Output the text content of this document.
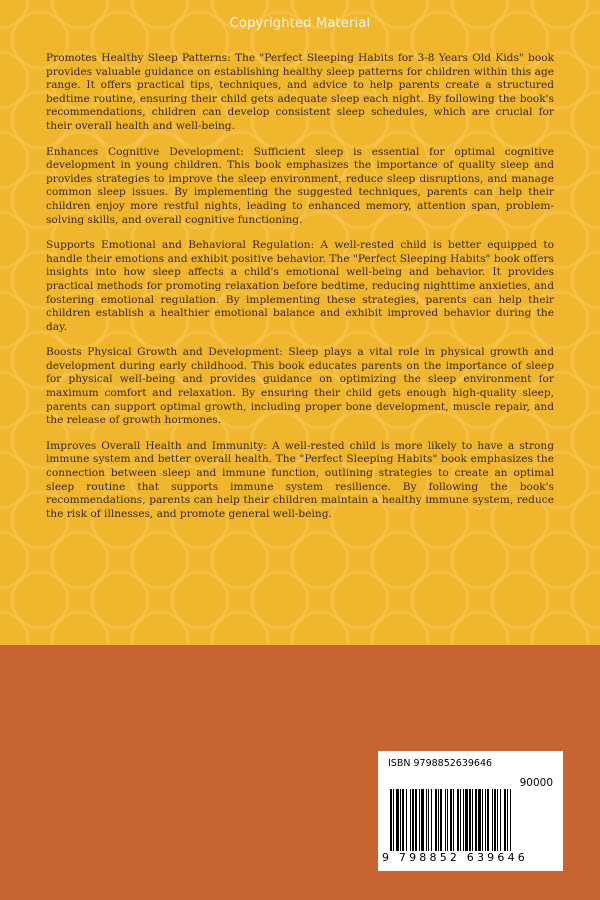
Copyrighted Material

Promotes Healthy Sleep Patterns: The "Perfect Sleeping Habits for 3-8 Years Old Kids" book provides valuable guidance on establishing healthy sleep patterns for children within this age range. It offers practical tips, techniques, and advice to help parents create a structured bedtime routine, ensuring their child gets adequate sleep each night. By following the book's recommendations, children can develop consistent sleep schedules, which are crucial for their overall health and well-being.

Enhances Cognitive Development: Sufficient sleep is essential for optimal cognitive development in young children. This book emphasizes the importance of quality sleep and provides strategies to improve the sleep environment, reduce sleep disruptions, and manage common sleep issues. By implementing the suggested techniques, parents can help their children enjoy more restful nights, leading to enhanced memory, attention span, problem-solving skills, and overall cognitive functioning.

Supports Emotional and Behavioral Regulation: A well-rested child is better equipped to handle their emotions and exhibit positive behavior. The "Perfect Sleeping Habits" book offers insights into how sleep affects a child's emotional well-being and behavior. It provides practical methods for promoting relaxation before bedtime, reducing nighttime anxieties, and fostering emotional regulation. By implementing these strategies, parents can help their children establish a healthier emotional balance and exhibit improved behavior during the day.

Boosts Physical Growth and Development: Sleep plays a vital role in physical growth and development during early childhood. This book educates parents on the importance of sleep for physical well-being and provides guidance on optimizing the sleep environment for maximum comfort and relaxation. By ensuring their child gets enough high-quality sleep, parents can support optimal growth, including proper bone development, muscle repair, and the release of growth hormones.

Improves Overall Health and Immunity: A well-rested child is more likely to have a strong immune system and better overall health. The "Perfect Sleeping Habits" book emphasizes the connection between sleep and immune function, outlining strategies to create an optimal sleep routine that supports immune system resilience. By following the book's recommendations, parents can help their children maintain a healthy immune system, reduce the risk of illnesses, and promote general well-being.

ISBN 9798852639646
90000
9 798852 639646
